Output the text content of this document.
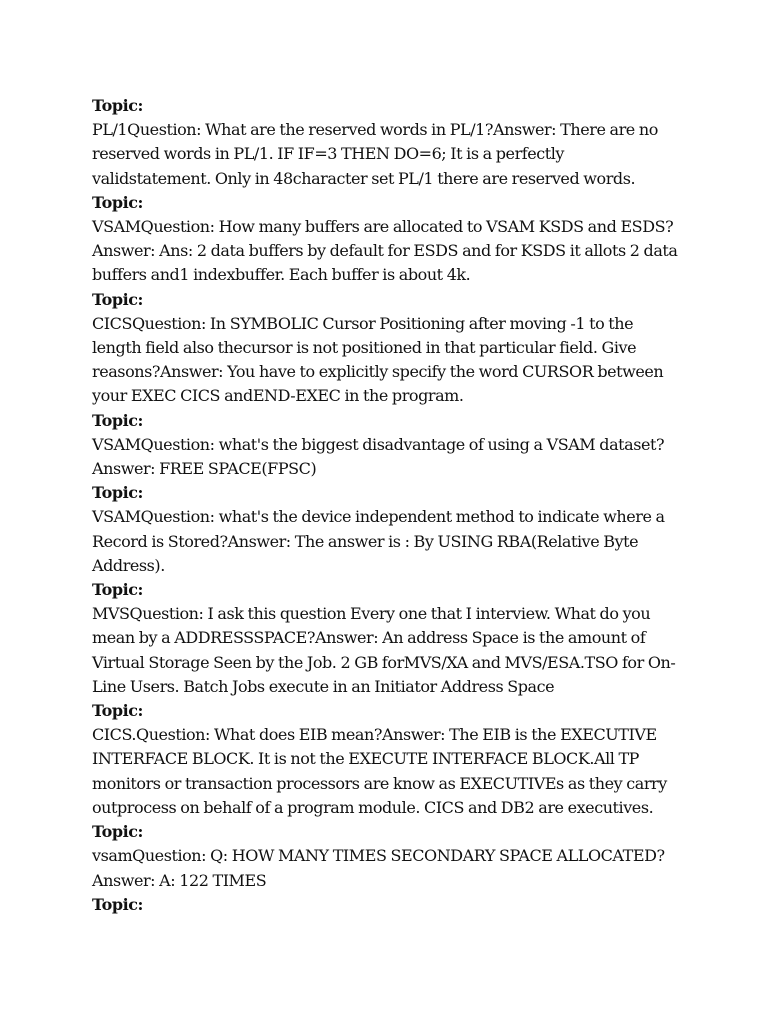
Topic:
PL/1Question: What are the reserved words in PL/1?Answer: There are no reserved words in PL/1. IF IF=3 THEN DO=6; It is a perfectly validstatement. Only in 48character set PL/1 there are reserved words.
Topic:
VSAMQuestion: How many buffers are allocated to VSAM KSDS and ESDS?Answer: Ans: 2 data buffers by default for ESDS and for KSDS it allots 2 data buffers and1 indexbuffer. Each buffer is about 4k.
Topic:
CICSQuestion: In SYMBOLIC Cursor Positioning after moving -1 to the length field also thecursor is not positioned in that particular field. Give reasons?Answer: You have to explicitly specify the word CURSOR between your EXEC CICS andEND-EXEC in the program.
Topic:
VSAMQuestion: what's the biggest disadvantage of using a VSAM dataset?Answer: FREE SPACE(FPSC)
Topic:
VSAMQuestion: what's the device independent method to indicate where a Record is Stored?Answer: The answer is : By USING RBA(Relative Byte Address).
Topic:
MVSQuestion: I ask this question Every one that I interview. What do you mean by a ADDRESSSPACE?Answer: An address Space is the amount of Virtual Storage Seen by the Job. 2 GB forMVS/XA and MVS/ESA.TSO for On-Line Users. Batch Jobs execute in an Initiator Address Space
Topic:
CICS.Question: What does EIB mean?Answer: The EIB is the EXECUTIVE INTERFACE BLOCK. It is not the EXECUTE INTERFACE BLOCK.All TP monitors or transaction processors are know as EXECUTIVEs as they carry outprocess on behalf of a program module. CICS and DB2 are executives.
Topic:
vsamQuestion: Q: HOW MANY TIMES SECONDARY SPACE ALLOCATED?Answer: A: 122 TIMES
Topic:
